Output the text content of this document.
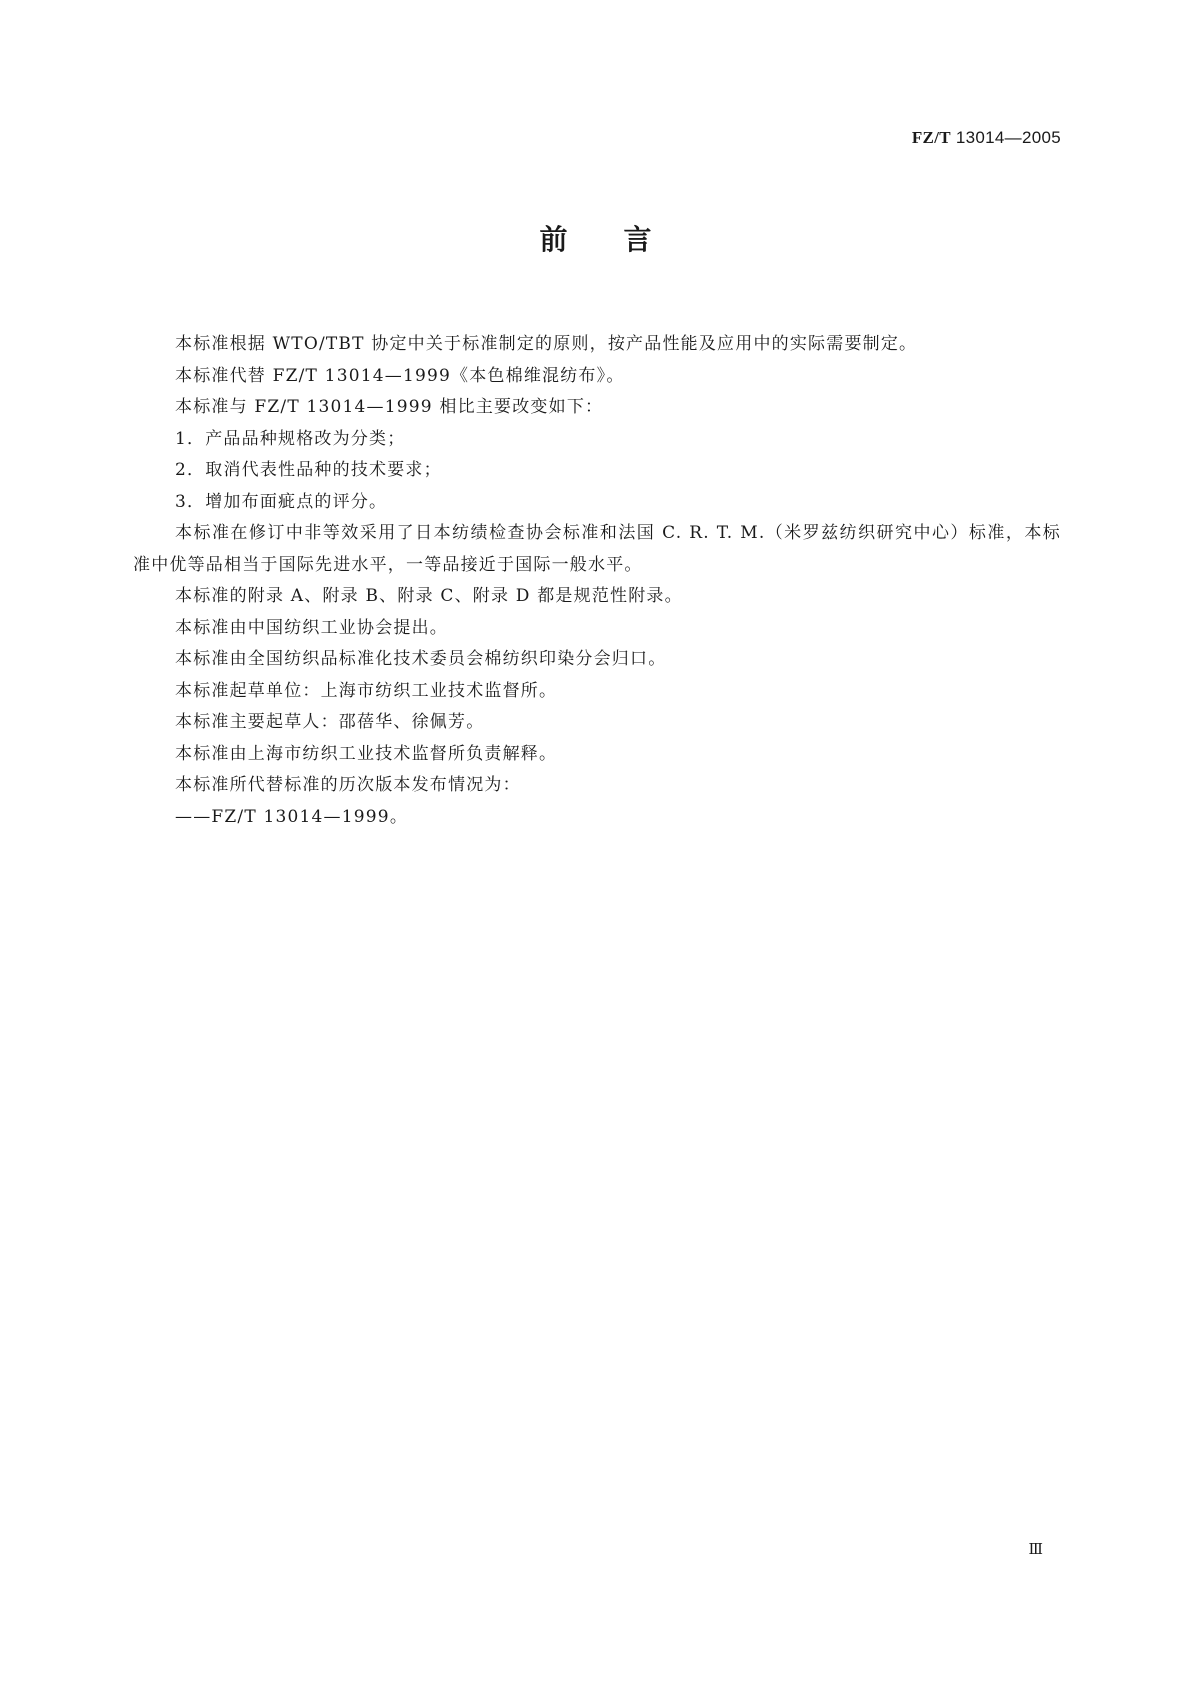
FZ/T 13014—2005
前言

本标准根据 WTO/TBT 协定中关于标准制定的原则，按产品性能及应用中的实际需要制定。

本标准代替 FZ/T 13014—1999《本色棉维混纺布》。

本标准与 FZ/T 13014—1999 相比主要改变如下：

1．产品品种规格改为分类；

2．取消代表性品种的技术要求；

3．增加布面疵点的评分。

本标准在修订中非等效采用了日本纺绩检查协会标准和法国 C. R. T. M.（米罗兹纺织研究中心）标准，本标准中优等品相当于国际先进水平，一等品接近于国际一般水平。

本标准的附录 A、附录 B、附录 C、附录 D 都是规范性附录。

本标准由中国纺织工业协会提出。

本标准由全国纺织品标准化技术委员会棉纺织印染分会归口。

本标准起草单位：上海市纺织工业技术监督所。

本标准主要起草人：邵蓓华、徐佩芳。

本标准由上海市纺织工业技术监督所负责解释。

本标准所代替标准的历次版本发布情况为：

——FZ/T 13014—1999。

Ⅲ
